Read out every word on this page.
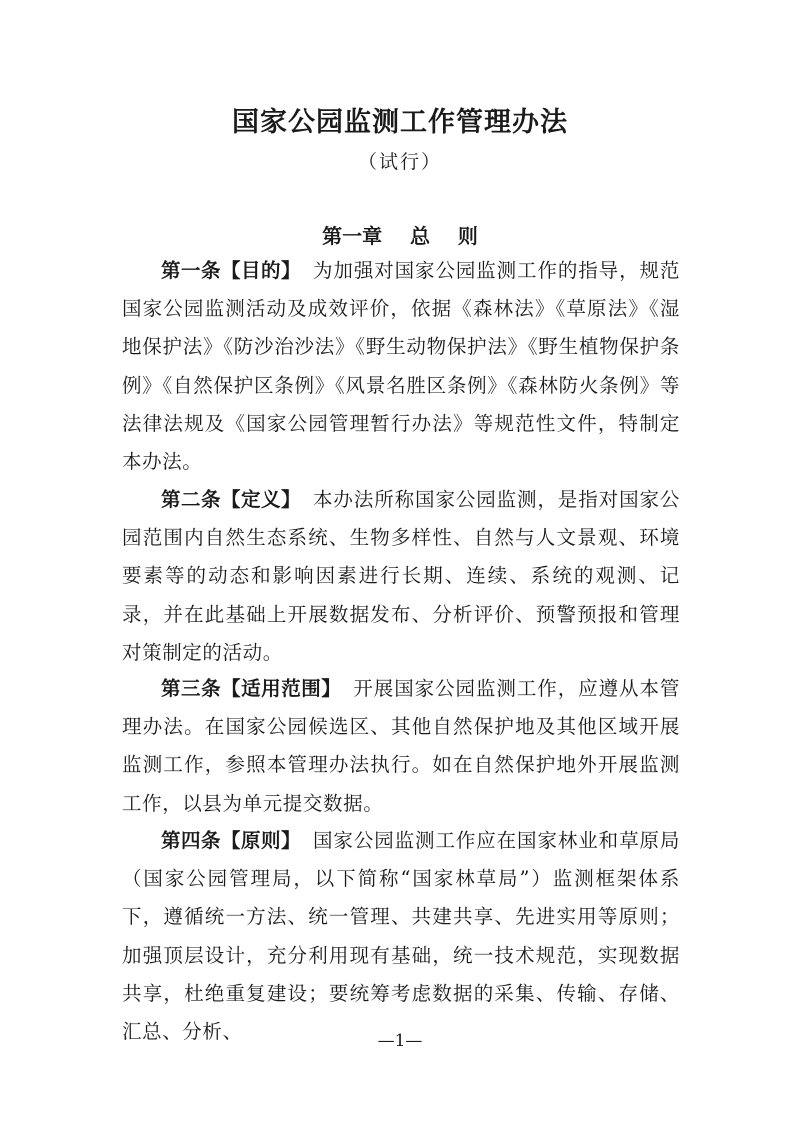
国家公园监测工作管理办法
（试行）
第一章 总    则
第一条【目的】 为加强对国家公园监测工作的指导，规范国家公园监测活动及成效评价，依据《森林法》《草原法》《湿地保护法》《防沙治沙法》《野生动物保护法》《野生植物保护条例》《自然保护区条例》《风景名胜区条例》《森林防火条例》等法律法规及《国家公园管理暂行办法》等规范性文件，特制定本办法。
第二条【定义】 本办法所称国家公园监测，是指对国家公园范围内自然生态系统、生物多样性、自然与人文景观、环境要素等的动态和影响因素进行长期、连续、系统的观测、记录，并在此基础上开展数据发布、分析评价、预警预报和管理对策制定的活动。
第三条【适用范围】 开展国家公园监测工作，应遵从本管理办法。在国家公园候选区、其他自然保护地及其他区域开展监测工作，参照本管理办法执行。如在自然保护地外开展监测工作，以县为单元提交数据。
第四条【原则】 国家公园监测工作应在国家林业和草原局（国家公园管理局，以下简称“国家林草局”）监测框架体系下，遵循统一方法、统一管理、共建共享、先进实用等原则；加强顶层设计，充分利用现有基础，统一技术规范，实现数据共享，杜绝重复建设；要统筹考虑数据的采集、传输、存储、汇总、分析、	—1—
